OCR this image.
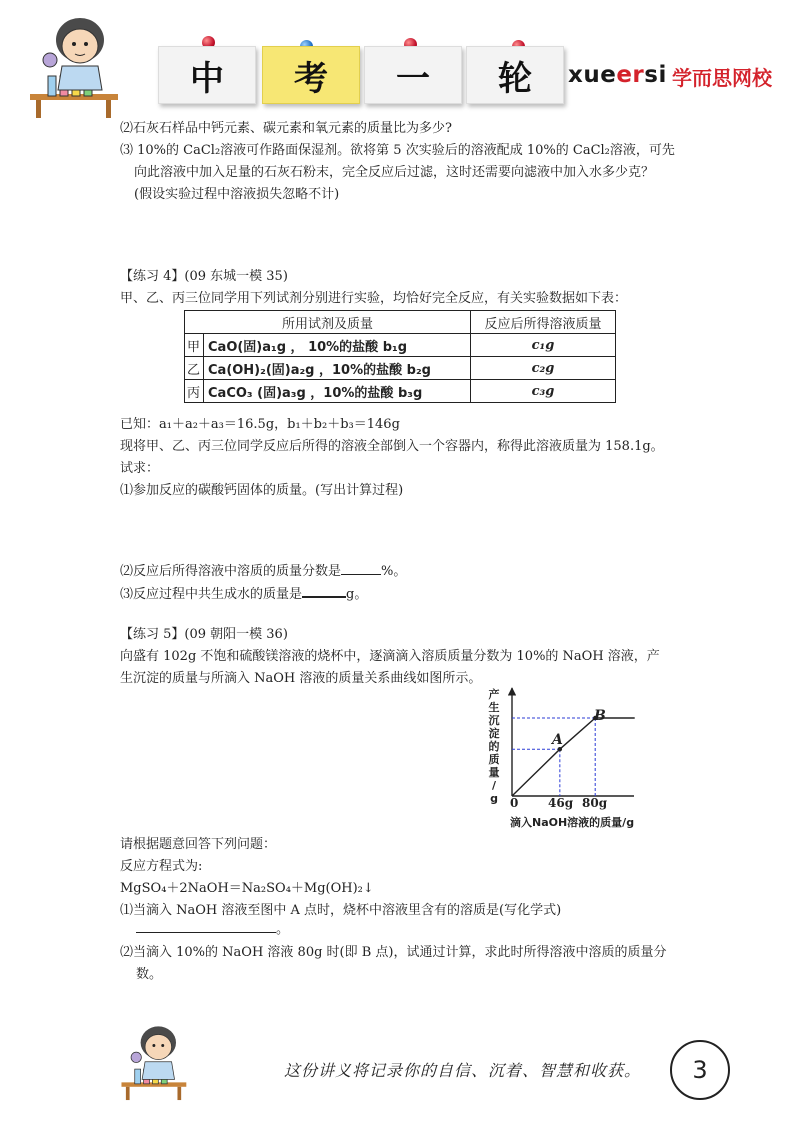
中	考	一	轮	xueersi 学而思网校
⑵石灰石样品中钙元素、碳元素和氧元素的质量比为多少?
⑶ 10%的 CaCl₂溶液可作路面保湿剂。欲将第 5 次实验后的溶液配成 10%的 CaCl₂溶液，可先
向此溶液中加入足量的石灰石粉末，完全反应后过滤，这时还需要向滤液中加入水多少克？
(假设实验过程中溶液损失忽略不计)
【练习 4】(09 东城一模 35)
甲、乙、丙三位同学用下列试剂分别进行实验，均恰好完全反应，有关实验数据如下表：
所用试剂及质量		反应后所得溶液质量
甲	CaO(固)a₁g ， 10%的盐酸 b₁g	c₁g
乙	Ca(OH)₂(固)a₂g ，10%的盐酸 b₂g	c₂g
丙	CaCO₃ (固)a₃g ，10%的盐酸 b₃g	c₃g
已知：a₁＋a₂＋a₃＝16.5g，b₁＋b₂＋b₃＝146g
现将甲、乙、丙三位同学反应后所得的溶液全部倒入一个容器内，称得此溶液质量为 158.1g。
试求：
⑴参加反应的碳酸钙固体的质量。(写出计算过程)
⑵反应后所得溶液中溶质的质量分数是	%。
⑶反应过程中共生成水的质量是	g。
【练习 5】(09 朝阳一模 36)
向盛有 102g 不饱和硫酸镁溶液的烧杯中，逐滴滴入溶质质量分数为 10%的 NaOH 溶液，产
生沉淀的质量与所滴入 NaOH 溶液的质量关系曲线如图所示。
产
生
沉
淀
的
质
量
/
g
A
B
0 46g 80g
滴入NaOH溶液的质量/g
请根据题意回答下列问题：
反应方程式为:
MgSO₄＋2NaOH＝Na₂SO₄＋Mg(OH)₂↓
⑴当滴入 NaOH 溶液至图中 A 点时，烧杯中溶液里含有的溶质是(写化学式)
。
⑵当滴入 10%的 NaOH 溶液 80g 时(即 B 点)，试通过计算，求此时所得溶液中溶质的质量分
数。
这份讲义将记录你的自信、沉着、智慧和收获。	3
